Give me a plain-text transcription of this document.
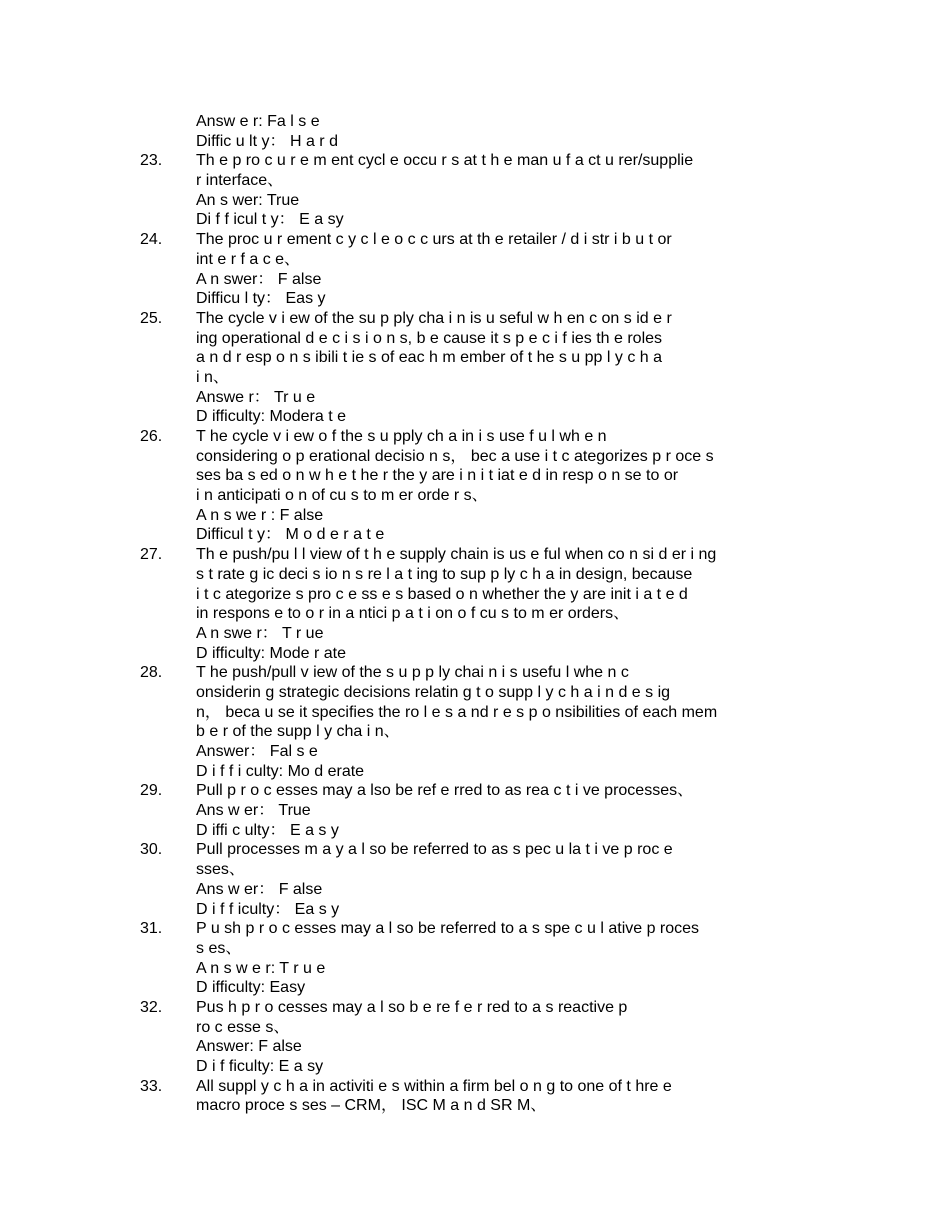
Answ e r: Fa l s e
Diffic u lt y： H a r d
23. Th e p ro c u r e m ent cycl e occu r s at t h e man u f a ct u rer/supplie
r interface、
An s wer: True
Di f f icul t y： E a sy
24. The proc u r ement c y c l e o c c urs at th e retailer / d i str i b u t or
int e r f a c e、
A n swer： F alse
Difficu l ty： Eas y
25. The cycle v i ew of the su p ply cha i n is u seful w h en c on s id e r
ing operational d e c i s i o n s, b e cause it s p e c i f ies th e roles
a n d r esp o n s ibili t ie s of eac h m ember of t he s u pp l y c h a
i n、
Answe r： Tr u e
D ifficulty: Modera t e
26. T he cycle v i ew o f the s u pply ch a in i s use f u l wh e n
considering o p erational decisio n s， bec a use i t c ategorizes p r oce s
ses ba s ed o n w h e t he r the y are i n i t iat e d in resp o n se to or
i n anticipati o n of cu s to m er orde r s、
A n s we r : F alse
Difficul t y： M o d e r a t e
27. Th e push/pu l l view of t h e supply chain is us e ful when co n si d er i ng
s t rate g ic deci s io n s re l a t ing to sup p ly c h a in design, because
i t c ategorize s pro c e ss e s based o n whether the y are init i a t e d
in respons e to o r in a ntici p a t i on o f cu s to m er orders、
A n swe r： T r ue
D ifficulty: Mode r ate
28. T he push/pull v iew of the s u p p ly chai n i s usefu l whe n c
onsiderin g strategic decisions relatin g t o supp l y c h a i n d e s ig
n， beca u se it specifies the ro l e s a nd r e s p o nsibilities of each mem
b e r of the supp l y cha i n、
Answer： Fal s e
D i f f i culty: Mo d erate
29. Pull p r o c esses may a lso be ref e rred to as rea c t i ve processes、
Ans w er： True
D iffi c ulty： E a s y
30. Pull processes m a y a l so be referred to as s pec u la t i ve p roc e
sses、
Ans w er： F alse
D i f f iculty： Ea s y
31. P u sh p r o c esses may a l so be referred to a s spe c u l ative p roces
s es、
A n s w e r: T r u e
D ifficulty: Easy
32. Pus h p r o cesses may a l so b e re f e r red to a s reactive p
ro c esse s、
Answer: F alse
D i f ficulty: E a sy
33. All suppl y c h a in activiti e s within a firm bel o n g to one of t hre e
macro proce s ses – CRM， ISC M a n d SR M、
